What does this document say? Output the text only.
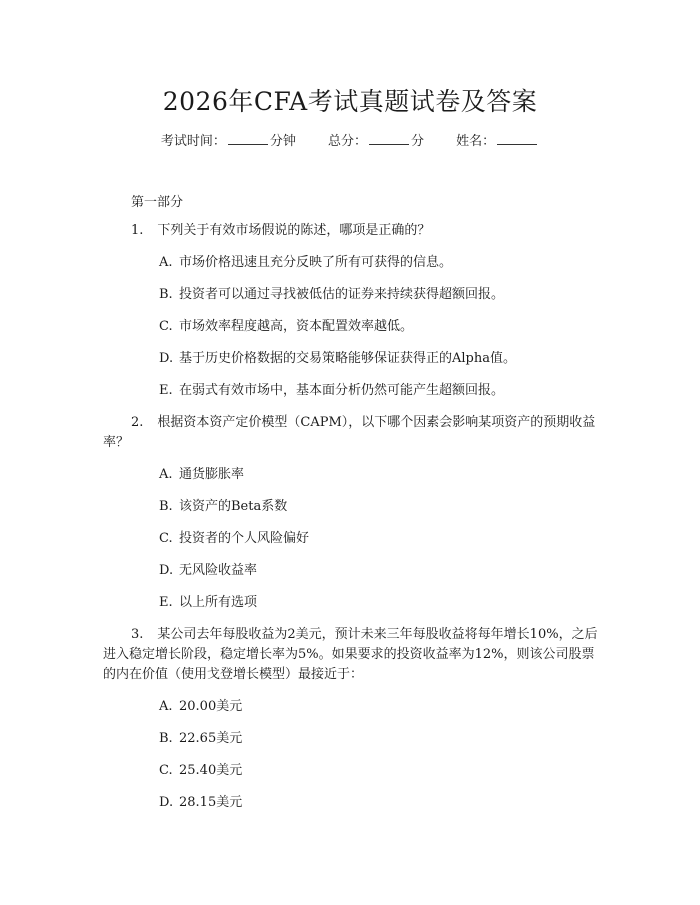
2026年CFA考试真题试卷及答案
考试时间：	分钟 总分：	分 姓名：
第一部分

1. 下列关于有效市场假说的陈述，哪项是正确的？

A. 市场价格迅速且充分反映了所有可获得的信息。

B. 投资者可以通过寻找被低估的证券来持续获得超额回报。

C. 市场效率程度越高，资本配置效率越低。

D. 基于历史价格数据的交易策略能够保证获得正的Alpha值。

E. 在弱式有效市场中，基本面分析仍然可能产生超额回报。

2. 根据资本资产定价模型（CAPM），以下哪个因素会影响某项资产的预期收益率？

A. 通货膨胀率

B. 该资产的Beta系数

C. 投资者的个人风险偏好

D. 无风险收益率

E. 以上所有选项

3. 某公司去年每股收益为2美元，预计未来三年每股收益将每年增长10%，之后进入稳定增长阶段，稳定增长率为5%。如果要求的投资收益率为12%，则该公司股票的内在价值（使用戈登增长模型）最接近于：

A. 20.00美元

B. 22.65美元

C. 25.40美元

D. 28.15美元
